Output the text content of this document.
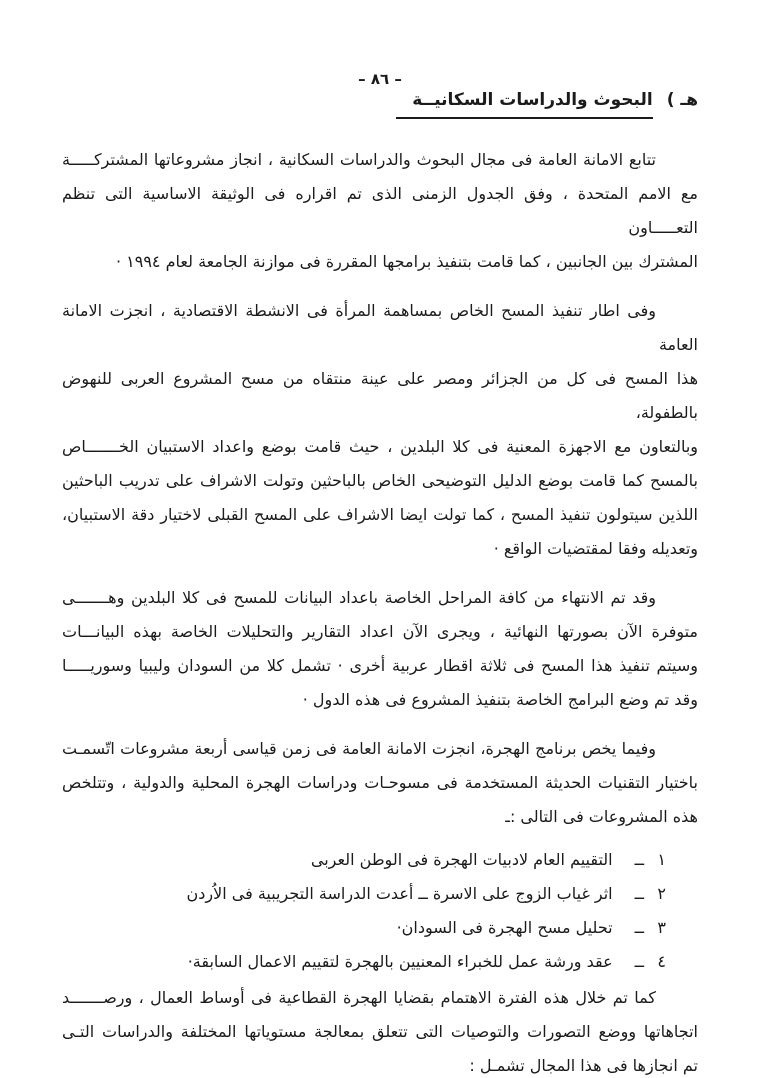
– ٨٦ –
هـ )البحوث والدراسات السكانيــة
تتابع الامانة العامة فى مجال البحوث والدراسات السكانية ، انجاز مشروعاتها المشتركـــــة
مع الامم المتحدة ، وفق الجدول الزمنى الذى تم اقراره فى الوثيقة الاساسية التى تنظم التعـــــاون
المشترك بين الجانبين ، كما قامت بتنفيذ برامجها المقررة فى موازنة الجامعة لعام ١٩٩٤ ·
وفى اطار تنفيذ المسح الخاص بمساهمة المرأة فى الانشطة الاقتصادية ، انجزت الامانة العامة
هذا المسح فى كل من الجزائر ومصر على عينة منتقاه من مسح المشروع العربى للنهوض بالطفولة،
وبالتعاون مع الاجهزة المعنية فى كلا البلدين ، حيث قامت بوضع واعداد الاستبيان الخـــــــاص
بالمسح كما قامت بوضع الدليل التوضيحى الخاص بالباحثين وتولت الاشراف على تدريب الباحثين
اللذين سيتولون تنفيذ المسح ، كما تولت ايضا الاشراف على المسح القبلى لاختيار دقة الاستبيان،
وتعديله وفقا لمقتضيات الواقع ·
وقد تم الانتهاء من كافة المراحل الخاصة باعداد البيانات للمسح فى كلا البلدين وهـــــــى
متوفرة الآن بصورتها النهائية ، ويجرى الآن اعداد التقارير والتحليلات الخاصة بهذه البيانـــات
وسيتم تنفيذ هذا المسح فى ثلاثة اقطار عربية أخرى · تشمل كلا من السودان وليبيا وسوريـــــا
وقد تم وضع البرامج الخاصة بتنفيذ المشروع فى هذه الدول ·
وفيما يخص برنامج الهجرة، انجزت الامانة العامة فى زمن قياسى أربعة مشروعات اتّسمـت
باختيار التقنيات الحديثة المستخدمة فى مسوحـات ودراسات الهجرة المحلية والدولية ، وتتلخص
هذه المشروعات فى التالى :ـ
١
ــ
التقييم العام لادبيات الهجرة فى الوطن العربى
٢
ــ
اثر غياب الزوج على الاسرة ــ أعدت الدراسة التجريبية فى الاُردن
٣
ــ
تحليل مسح الهجرة فى السودان·
٤
ــ
عقد ورشة عمل للخبراء المعنيين بالهجرة لتقييم الاعمال السابقة·
كما تم خلال هذه الفترة الاهتمام بقضايا الهجرة القطاعية فى أوساط العمال ، ورصـــــــد
اتجاهاتها ووضع التصورات والتوصيات التى تتعلق بمعالجة مستوياتها المختلفة والدراسات التـى
تم انجازها فى هذا المجال تشمـل :
